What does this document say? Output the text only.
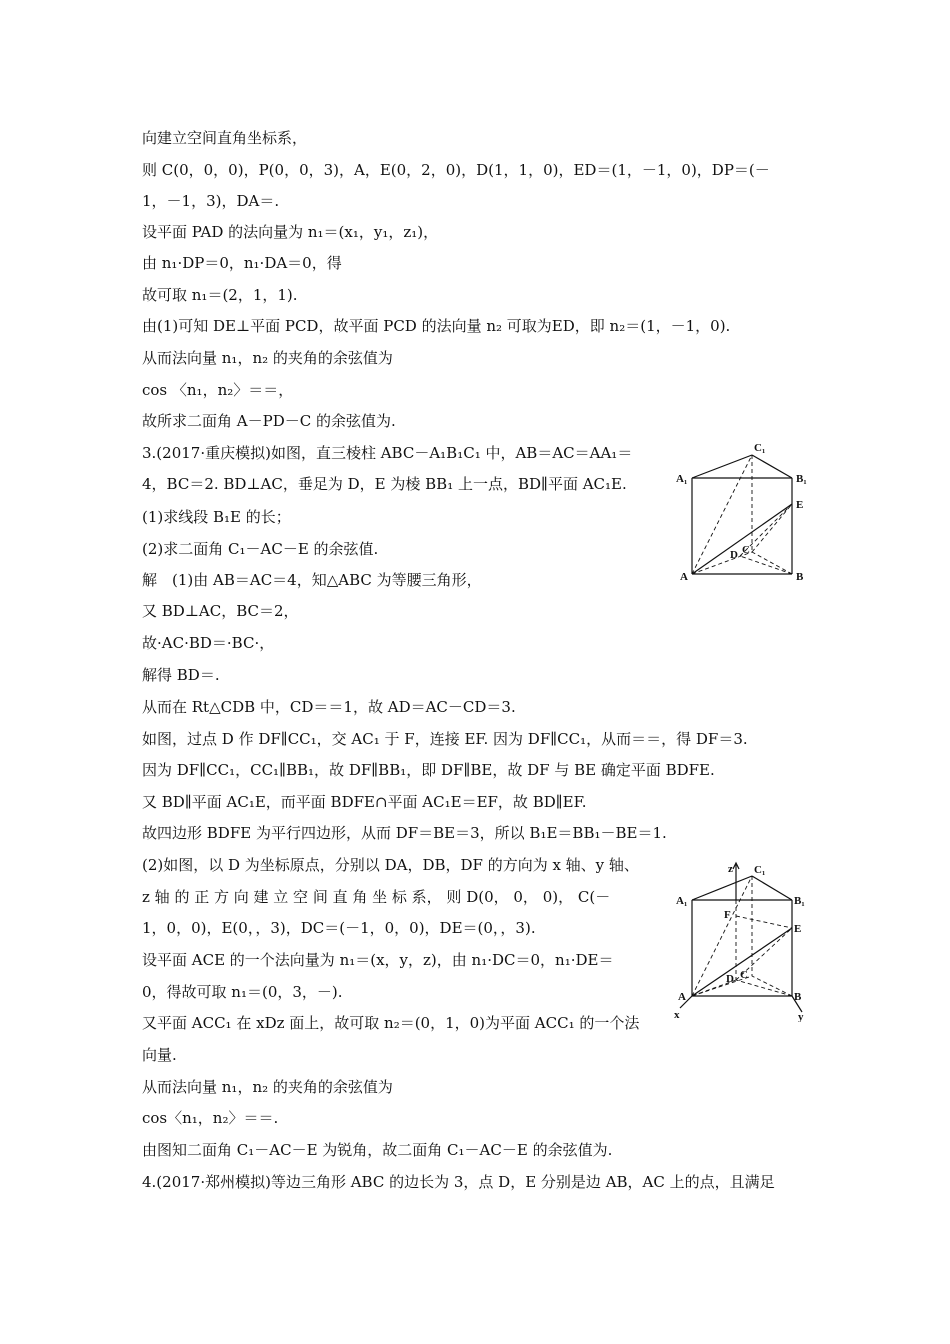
向建立空间直角坐标系，
则 C(0，0，0)，P(0，0，3)，A，E(0，2，0)，D(1，1，0)，ED＝(1，－1，0)，DP＝(－
1，－1，3)，DA＝.
设平面 PAD 的法向量为 n₁＝(x₁，y₁，z₁)，
由 n₁·DP＝0，n₁·DA＝0，得
故可取 n₁＝(2，1，1).
由(1)可知 DE⊥平面 PCD，故平面 PCD 的法向量 n₂ 可取为ED，即 n₂＝(1，－1，0).
从而法向量 n₁，n₂ 的夹角的余弦值为
cos 〈n₁，n₂〉＝＝，
故所求二面角 A－PD－C 的余弦值为.
3.(2017·重庆模拟)如图，直三棱柱 ABC－A₁B₁C₁ 中，AB＝AC＝AA₁＝
4，BC＝2. BD⊥AC，垂足为 D，E 为棱 BB₁ 上一点，BD∥平面 AC₁E.
(1)求线段 B₁E 的长；
(2)求二面角 C₁－AC－E 的余弦值.
解　(1)由 AB＝AC＝4，知△ABC 为等腰三角形，
又 BD⊥AC，BC＝2，
故·AC·BD＝·BC·，
解得 BD＝.
从而在 Rt△CDB 中，CD＝＝1，故 AD＝AC－CD＝3.
如图，过点 D 作 DF∥CC₁，交 AC₁ 于 F，连接 EF. 因为 DF∥CC₁，从而＝＝，得 DF＝3.
因为 DF∥CC₁，CC₁∥BB₁，故 DF∥BB₁，即 DF∥BE，故 DF 与 BE 确定平面 BDFE.
又 BD∥平面 AC₁E，而平面 BDFE∩平面 AC₁E＝EF，故 BD∥EF.
故四边形 BDFE 为平行四边形，从而 DF＝BE＝3，所以 B₁E＝BB₁－BE＝1.
(2)如图，以 D 为坐标原点，分别以 DA，DB，DF 的方向为 x 轴、y 轴、
z 轴 的 正 方 向 建 立 空 间 直 角 坐 标 系， 则 D(0， 0， 0)， C(－
1，0，0)，E(0，，3)，DC＝(－1，0，0)，DE＝(0，，3).
设平面 ACE 的一个法向量为 n₁＝(x，y，z)，由 n₁·DC＝0，n₁·DE＝
0，得故可取 n₁＝(0，3，－).
又平面 ACC₁ 在 xDz 面上，故可取 n₂＝(0，1，0)为平面 ACC₁ 的一个法
向量.
从而法向量 n₁，n₂ 的夹角的余弦值为
cos〈n₁，n₂〉＝＝.
由图知二面角 C₁－AC－E 为锐角，故二面角 C₁－AC－E 的余弦值为.
4.(2017·郑州模拟)等边三角形 ABC 的边长为 3，点 D，E 分别是边 AB，AC 上的点，且满足
C₁
A₁	B₁
E
D C
A	B
z C₁
A₁	B₁
F
E
D C
A	B
x	y
